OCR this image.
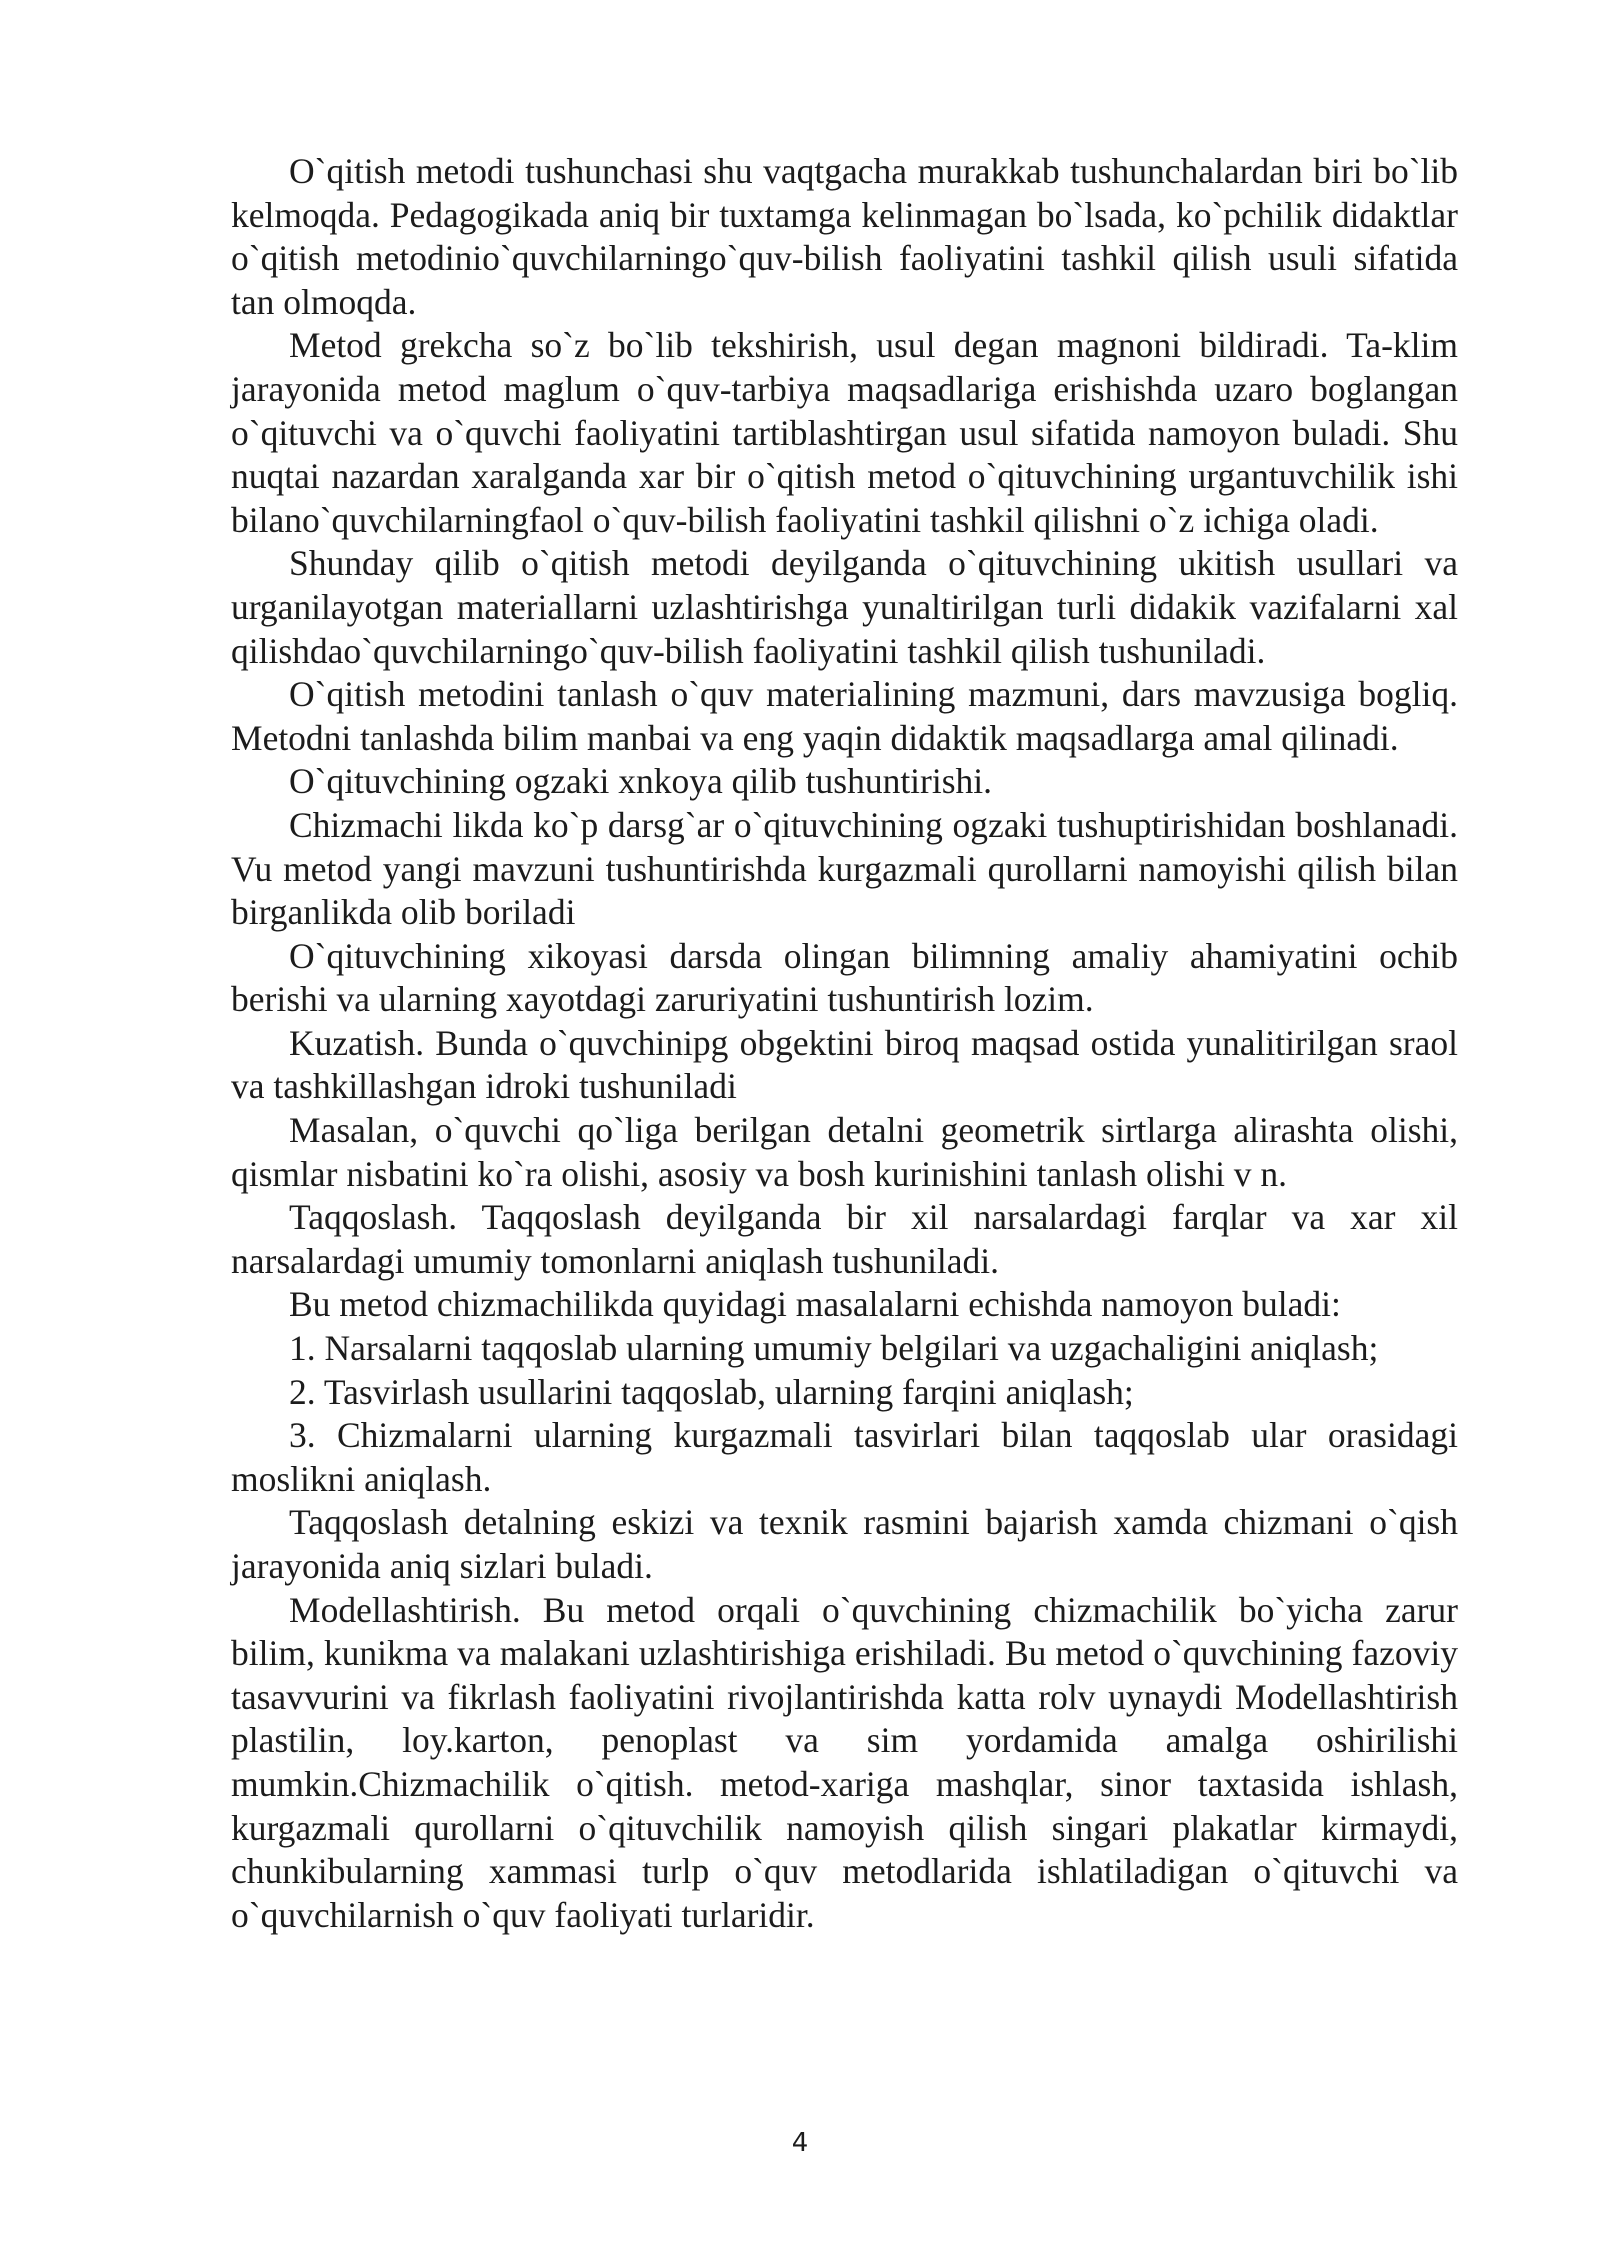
O`qitish metodi tushunchasi shu vaqtgacha murakkab tushunchalardan biri bo`lib kelmoqda. Pedagogikada aniq bir tuxtamga kelinmagan bo`lsada, ko`pchilik didaktlar o`qitish metodinio`quvchilarningo`quv-bilish faoliyatini tashkil qilish usuli sifatida tan olmoqda.

Metod grekcha so`z bo`lib tekshirish, usul degan magnoni bildiradi. Ta-klim jarayonida metod maglum o`quv-tarbiya maqsadlariga erishishda uzaro boglangan o`qituvchi va o`quvchi faoliyatini tartiblashtirgan usul sifatida namoyon buladi. Shu nuqtai nazardan xaralganda xar bir o`qitish metod o`qituvchining urgantuvchilik ishi bilano`quvchilarningfaol o`quv-bilish faoliyatini tashkil qilishni o`z ichiga oladi.

Shunday qilib o`qitish metodi deyilganda o`qituvchining ukitish usullari va urganilayotgan materiallarni uzlashtirishga yunaltirilgan turli didakik vazifalarni xal qilishdao`quvchilarningo`quv-bilish faoliyatini tashkil qilish tushuniladi.

O`qitish metodini tanlash o`quv materialining mazmuni, dars mavzusiga bogliq. Metodni tanlashda bilim manbai va eng yaqin didaktik maqsadlarga amal qilinadi.

O`qituvchining ogzaki xnkoya qilib tushuntirishi.

Chizmachi likda ko`p darsg`ar o`qituvchining ogzaki tushuptirishidan boshlanadi. Vu metod yangi mavzuni tushuntirishda kurgazmali qurollarni namoyishi qilish bilan birganlikda olib boriladi

O`qituvchining xikoyasi darsda olingan bilimning amaliy ahamiyatini ochib berishi va ularning xayotdagi zaruriyatini tushuntirish lozim.

Kuzatish. Bunda o`quvchinipg obgektini biroq maqsad ostida yunalitirilgan sraol va tashkillashgan idroki tushuniladi

Masalan, o`quvchi qo`liga berilgan detalni geometrik sirtlarga alirashta olishi, qismlar nisbatini ko`ra olishi, asosiy va bosh kurinishini tanlash olishi v n.

Taqqoslash. Taqqoslash deyilganda bir xil narsalardagi farqlar va xar xil narsalardagi umumiy tomonlarni aniqlash tushuniladi.

Bu metod chizmachilikda quyidagi masalalarni echishda namoyon buladi:

1. Narsalarni taqqoslab ularning umumiy belgilari va uzgachaligini aniqlash;

2. Tasvirlash usullarini taqqoslab, ularning farqini aniqlash;

3. Chizmalarni ularning kurgazmali tasvirlari bilan taqqoslab ular orasidagi moslikni aniqlash.

Taqqoslash detalning eskizi va texnik rasmini bajarish xamda chizmani o`qish jarayonida aniq sizlari buladi.

Modellashtirish. Bu metod orqali o`quvchining chizmachilik bo`yicha zarur bilim, kunikma va malakani uzlashtirishiga erishiladi. Bu metod o`quvchining fazoviy tasavvurini va fikrlash faoliyatini rivojlantirishda katta rolv uynaydi Modellashtirish plastilin, loy.karton, penoplast va sim yordamida amalga oshirilishi mumkin.Chizmachilik o`qitish. metod-xariga mashqlar, sinor taxtasida ishlash, kurgazmali qurollarni o`qituvchilik namoyish qilish singari plakatlar kirmaydi, chunkibularning xammasi turlp o`quv metodlarida ishlatiladigan o`qituvchi va o`quvchilarnish o`quv faoliyati turlaridir.

4
